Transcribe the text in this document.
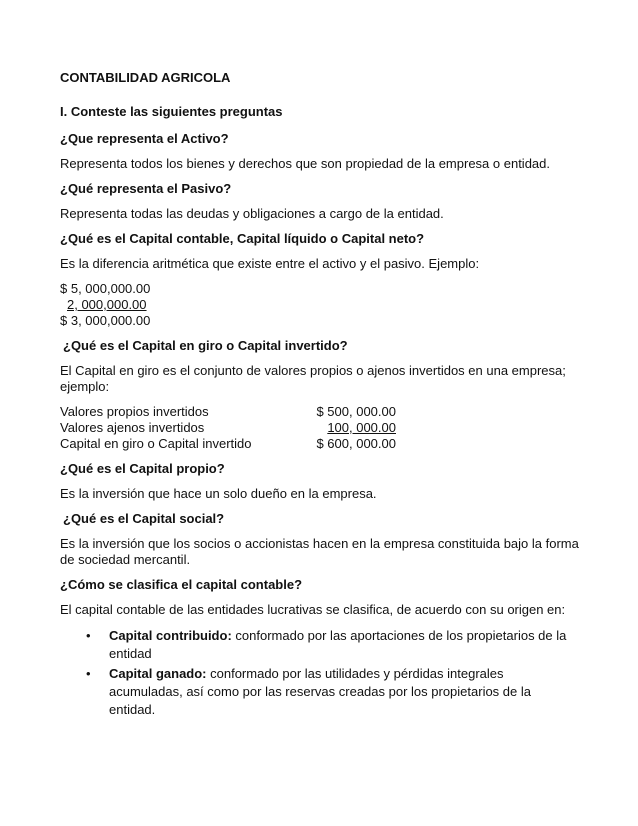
CONTABILIDAD AGRICOLA

I. Conteste las siguientes preguntas

¿Que representa el Activo?

Representa todos los bienes y derechos que son propiedad de la empresa o entidad.

¿Qué representa el Pasivo?

Representa todas las deudas y obligaciones a cargo de la entidad.

¿Qué es el Capital contable, Capital líquido o Capital neto?

Es la diferencia aritmética que existe entre el activo y el pasivo. Ejemplo:

$ 5, 000,000.00
2, 000,000.00
$ 3, 000,000.00

¿Qué es el Capital en giro o Capital invertido?

El Capital en giro es el conjunto de valores propios o ajenos invertidos en una empresa; ejemplo:

Valores propios invertidos	$ 500, 000.00
Valores ajenos invertidos	100, 000.00
Capital en giro o Capital invertido	$ 600, 000.00

¿Qué es el Capital propio?

Es la inversión que hace un solo dueño en la empresa.

¿Qué es el Capital social?

Es la inversión que los socios o accionistas hacen en la empresa constituida bajo la forma de sociedad mercantil.

¿Cómo se clasifica el capital contable?

El capital contable de las entidades lucrativas se clasifica, de acuerdo con su origen en:

• Capital contribuido: conformado por las aportaciones de los propietarios de la entidad
• Capital ganado: conformado por las utilidades y pérdidas integrales acumuladas, así como por las reservas creadas por los propietarios de la entidad.
